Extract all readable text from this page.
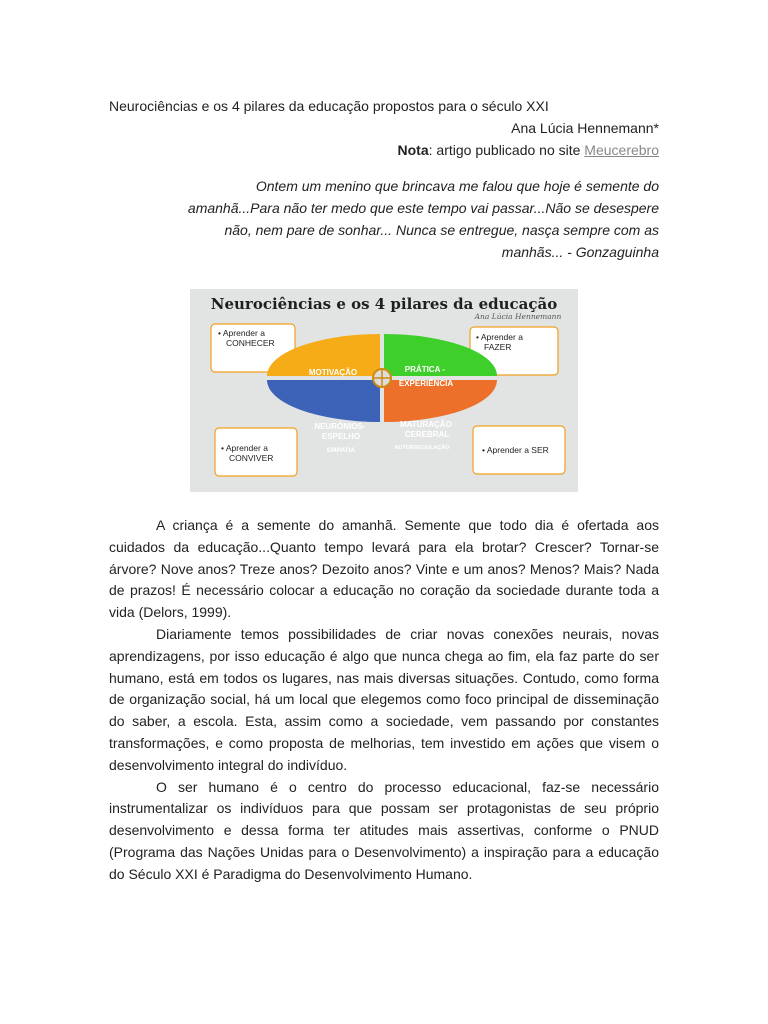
Neurociências e os 4 pilares da educação propostos para o século XXI
Ana Lúcia Hennemann*
Nota: artigo publicado no site Meucerebro
Ontem um menino que brincava me falou que hoje é semente do
amanhã...Para não ter medo que este tempo vai passar...Não se desespere
não, nem pare de sonhar... Nunca se entregue, nasça sempre com as
manhãs... - Gonzaguinha
Neurociências e os 4 pilares da educação
Ana Lúcia Hennemann
• Aprender a CONHECER
• Aprender a FAZER
• Aprender a CONVIVER
• Aprender a SER
MOTIVAÇÃO	PRÁTICA - EXPERIÊNCIA
NEURÔNIOS- ESPELHO
EMPATIA
MATURAÇÃO CEREBRAL
AUTORREGULAÇÃO

A criança é a semente do amanhã. Semente que todo dia é ofertada aos cuidados da educação...Quanto tempo levará para ela brotar? Crescer? Tornar-se árvore? Nove anos? Treze anos? Dezoito anos? Vinte e um anos? Menos? Mais? Nada de prazos! É necessário colocar a educação no coração da sociedade durante toda a vida (Delors, 1999).

Diariamente temos possibilidades de criar novas conexões neurais, novas aprendizagens, por isso educação é algo que nunca chega ao fim, ela faz parte do ser humano, está em todos os lugares, nas mais diversas situações. Contudo, como forma de organização social, há um local que elegemos como foco principal de disseminação do saber, a escola. Esta, assim como a sociedade, vem passando por constantes transformações, e como proposta de melhorias, tem investido em ações que visem o desenvolvimento integral do indivíduo.

O ser humano é o centro do processo educacional, faz-se necessário instrumentalizar os indivíduos para que possam ser protagonistas de seu próprio desenvolvimento e dessa forma ter atitudes mais assertivas, conforme o PNUD (Programa das Nações Unidas para o Desenvolvimento) a inspiração para a educação do Século XXI é Paradigma do Desenvolvimento Humano.
